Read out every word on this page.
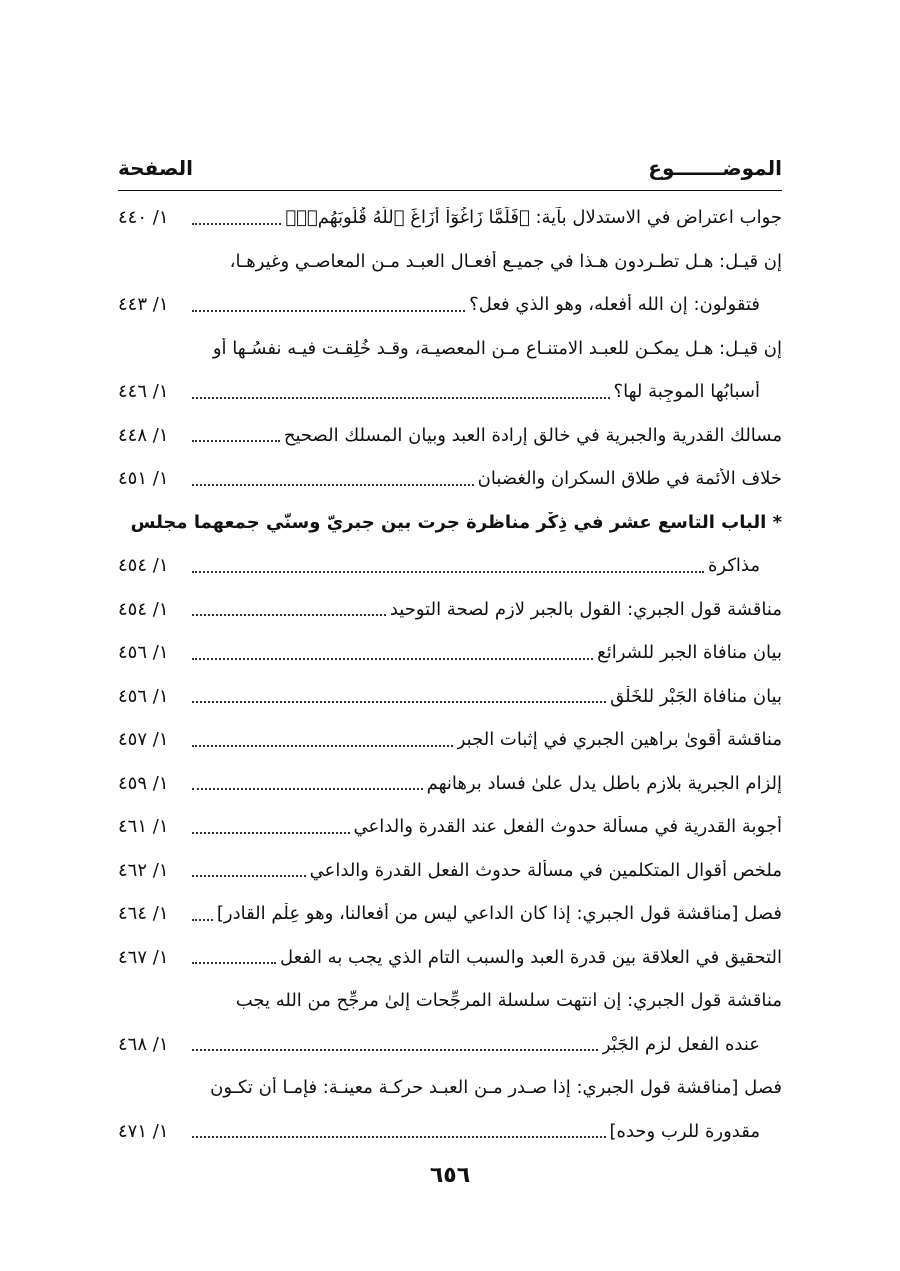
الموضـــــــوع
الصفحة
جواب اعتراض في الاستدلال بآية: ﴿فَلَمَّا زَاغُوٓاْ أَزَاغَ ٱللَّهُ قُلُوبَهُمۡۚ﴾
١/ ٤٤٠
إن قيـل: هـل تطـردون هـذا في جميـع أفعـال العبـد مـن المعاصـي وغيرهـا،
فتقولون: إن الله أفعله، وهو الذي فعل؟
١/ ٤٤٣
إن قيـل: هـل يمكـن للعبـد الامتنـاع مـن المعصيـة، وقـد خُلِقـت فيـه نفسُـها أو
أسبابُها الموجِبة لها؟
١/ ٤٤٦
مسالك القدرية والجبرية في خالق إرادة العبد وبيان المسلك الصحيح
١/ ٤٤٨
خلاف الأئمة في طلاق السكران والغضبان
١/ ٤٥١
* الباب التاسع عشر في ذِكْر مناظرة جرت بين جبريّ وسنّي جمعهما مجلس
مذاكرة
١/ ٤٥٤
مناقشة قول الجبري: القول بالجبر لازم لصحة التوحيد
١/ ٤٥٤
بيان منافاة الجبر للشرائع
١/ ٤٥٦
بيان منافاة الجَبْر للخَلْق
١/ ٤٥٦
مناقشة أقوىٰ براهين الجبري في إثبات الجبر
١/ ٤٥٧
إلزام الجبرية بلازم باطل يدل علىٰ فساد برهانهم
١/ ٤٥٩
أجوبة القدرية في مسألة حدوث الفعل عند القدرة والداعي
١/ ٤٦١
ملخص أقوال المتكلمين في مسألة حدوث الفعل القدرة والداعي
١/ ٤٦٢
فصل [مناقشة قول الجبري: إذا كان الداعي ليس من أفعالنا، وهو عِلْم القادر]
١/ ٤٦٤
التحقيق في العلاقة بين قدرة العبد والسبب التام الذي يجب به الفعل
١/ ٤٦٧
مناقشة قول الجبري: إن انتهت سلسلة المرجِّحات إلىٰ مرجِّح من الله يجب
عنده الفعل لزم الجَبْر
١/ ٤٦٨
فصل [مناقشة قول الجبري: إذا صـدر مـن العبـد حركـة معينـة: فإمـا أن تكـون
مقدورة للرب وحده]
١/ ٤٧١
٦٥٦
